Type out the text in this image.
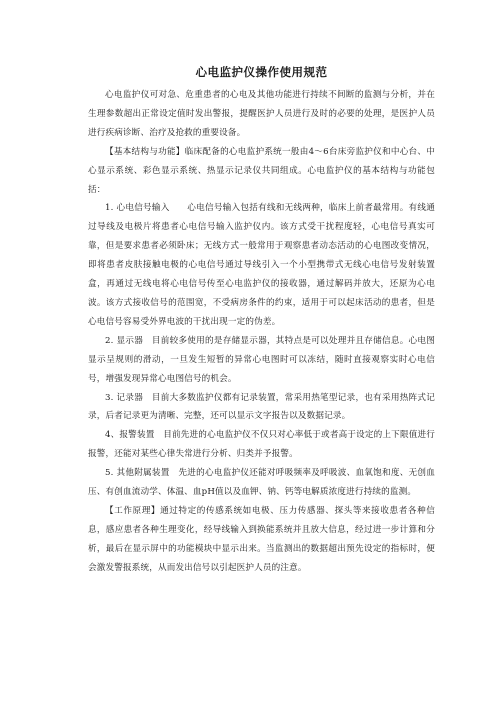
心电监护仪操作使用规范

心电监护仪可对急、危重患者的心电及其他功能进行持续不间断的监测与分析，并在生理参数超出正常设定值时发出警报，提醒医护人员进行及时的必要的处理，是医护人员进行疾病诊断、治疗及抢救的重要设备。

【基本结构与功能】临床配备的心电监护系统一般由4～6台床旁监护仪和中心台、中心显示系统、彩色显示系统、热显示记录仪共同组成。心电监护仪的基本结构与功能包括：

1. 心电信号输入　　心电信号输入包括有线和无线两种，临床上前者最常用。有线通过导线及电极片将患者心电信号输入监护仪内。该方式受干扰程度轻，心电信号真实可靠，但是要求患者必须卧床；无线方式一般常用于观察患者动态活动的心电图改变情况，即将患者皮肤接触电极的心电信号通过导线引入一个小型携带式无线心电信号发射装置盒，再通过无线电将心电信号传至心电监护仪的接收器，通过解码并放大，还原为心电波。该方式接收信号的范围宽，不受病房条件的约束，适用于可以起床活动的患者，但是心电信号容易受外界电波的干扰出现一定的伪差。

2. 显示器　目前较多使用的是存储显示器，其特点是可以处理并且存储信息。心电图显示呈规则的滑动，一旦发生短暂的异常心电图时可以冻结，随时直接观察实时心电信号，增强发现异常心电图信号的机会。

3. 记录器　目前大多数监护仪都有记录装置，常采用热笔型记录，也有采用热阵式记录，后者记录更为清晰、完整，还可以显示文字报告以及数据记录。

4、报警装置　目前先进的心电监护仪不仅只对心率低于或者高于设定的上下限值进行报警，还能对某些心律失常进行分析、归类并予报警。

5. 其他附属装置　先进的心电监护仪还能对呼吸频率及呼吸波、血氧饱和度、无创血压、有创血流动学、体温、血pH值以及血钾、钠、钙等电解质浓度进行持续的监测。

【工作原理】通过特定的传感系统如电极、压力传感器、探头等来接收患者各种信息，感应患者各种生理变化，经导线输入到换能系统并且放大信息，经过进一步计算和分析，最后在显示屏中的功能模块中显示出来。当监测出的数据超出预先设定的指标时，便会激发警报系统，从而发出信号以引起医护人员的注意。
